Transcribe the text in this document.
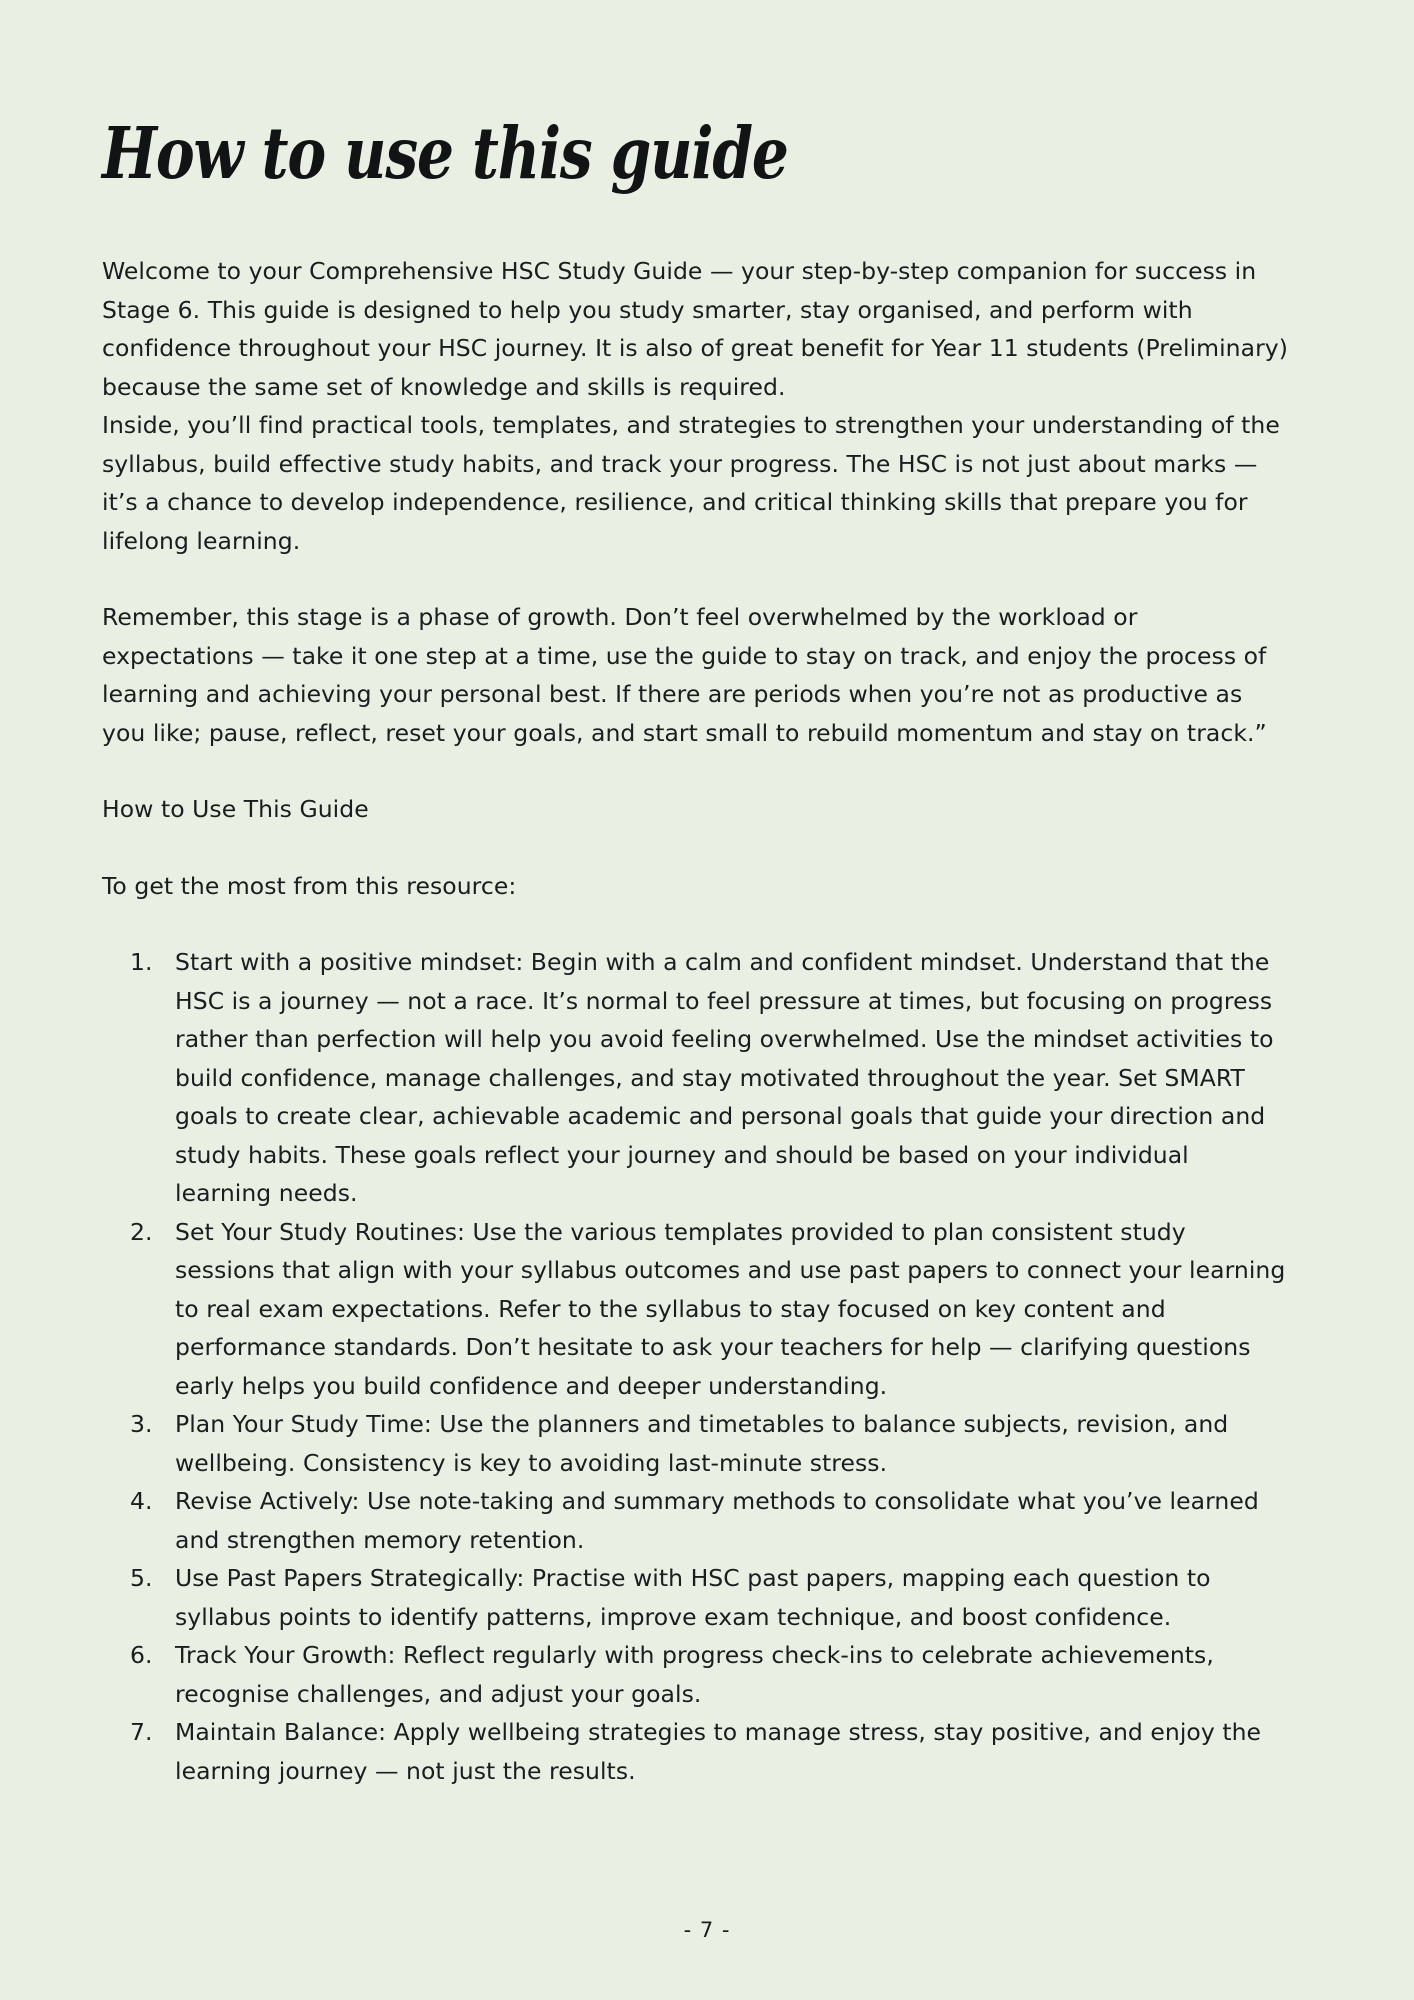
How to use this guide

Welcome to your Comprehensive HSC Study Guide — your step-by-step companion for success in Stage 6. This guide is designed to help you study smarter, stay organised, and perform with confidence throughout your HSC journey. It is also of great benefit for Year 11 students (Preliminary) because the same set of knowledge and skills is required.

Inside, you’ll find practical tools, templates, and strategies to strengthen your understanding of the syllabus, build effective study habits, and track your progress. The HSC is not just about marks — it’s a chance to develop independence, resilience, and critical thinking skills that prepare you for lifelong learning.

Remember, this stage is a phase of growth. Don’t feel overwhelmed by the workload or expectations — take it one step at a time, use the guide to stay on track, and enjoy the process of learning and achieving your personal best. If there are periods when you’re not as productive as you like; pause, reflect, reset your goals, and start small to rebuild momentum and stay on track.”

How to Use This Guide

To get the most from this resource:

Start with a positive mindset: Begin with a calm and confident mindset. Understand that the HSC is a journey — not a race. It’s normal to feel pressure at times, but focusing on progress rather than perfection will help you avoid feeling overwhelmed. Use the mindset activities to build confidence, manage challenges, and stay motivated throughout the year. Set SMART goals to create clear, achievable academic and personal goals that guide your direction and study habits. These goals reflect your journey and should be based on your individual learning needs.
Set Your Study Routines: Use the various templates provided to plan consistent study sessions that align with your syllabus outcomes and use past papers to connect your learning to real exam expectations. Refer to the syllabus to stay focused on key content and performance standards. Don’t hesitate to ask your teachers for help — clarifying questions early helps you build confidence and deeper understanding.
Plan Your Study Time: Use the planners and timetables to balance subjects, revision, and wellbeing. Consistency is key to avoiding last-minute stress.
Revise Actively: Use note-taking and summary methods to consolidate what you’ve learned and strengthen memory retention.
Use Past Papers Strategically: Practise with HSC past papers, mapping each question to syllabus points to identify patterns, improve exam technique, and boost confidence.
Track Your Growth: Reflect regularly with progress check-ins to celebrate achievements, recognise challenges, and adjust your goals.
Maintain Balance: Apply wellbeing strategies to manage stress, stay positive, and enjoy the learning journey — not just the results.
- 7 -
